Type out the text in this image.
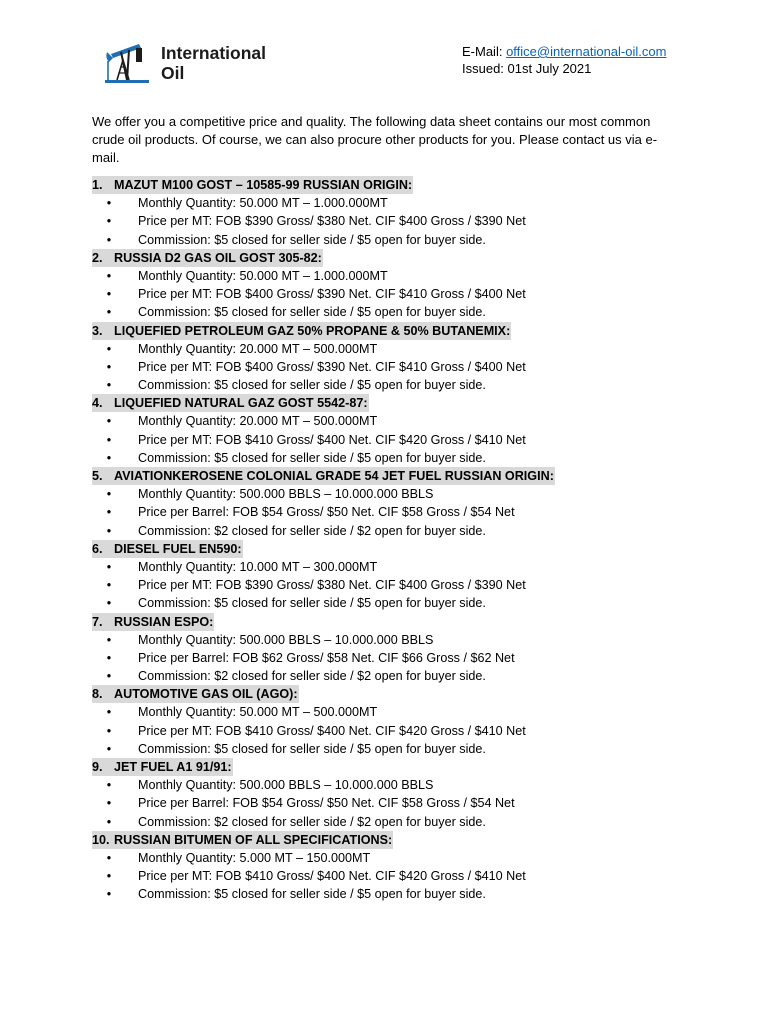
International
Oil
E-Mail: office@international-oil.com
Issued: 01st July 2021
We offer you a competitive price and quality. The following data sheet contains our most common crude oil products. Of course, we can also procure other products for you. Please contact us via e-mail.
1. MAZUT M100 GOST – 10585-99 RUSSIAN ORIGIN:
• Monthly Quantity: 50.000 MT – 1.000.000MT
• Price per MT: FOB $390 Gross/ $380 Net. CIF $400 Gross / $390 Net
• Commission: $5 closed for seller side / $5 open for buyer side.
2. RUSSIA D2 GAS OIL GOST 305-82:
• Monthly Quantity: 50.000 MT – 1.000.000MT
• Price per MT: FOB $400 Gross/ $390 Net. CIF $410 Gross / $400 Net
• Commission: $5 closed for seller side / $5 open for buyer side.
3. LIQUEFIED PETROLEUM GAZ 50% PROPANE & 50% BUTANEMIX:
• Monthly Quantity: 20.000 MT – 500.000MT
• Price per MT: FOB $400 Gross/ $390 Net. CIF $410 Gross / $400 Net
• Commission: $5 closed for seller side / $5 open for buyer side.
4. LIQUEFIED NATURAL GAZ GOST 5542-87:
• Monthly Quantity: 20.000 MT – 500.000MT
• Price per MT: FOB $410 Gross/ $400 Net. CIF $420 Gross / $410 Net
• Commission: $5 closed for seller side / $5 open for buyer side.
5. AVIATIONKEROSENE COLONIAL GRADE 54 JET FUEL RUSSIAN ORIGIN:
• Monthly Quantity: 500.000 BBLS – 10.000.000 BBLS
• Price per Barrel: FOB $54 Gross/ $50 Net. CIF $58 Gross / $54 Net
• Commission: $2 closed for seller side / $2 open for buyer side.
6. DIESEL FUEL EN590:
• Monthly Quantity: 10.000 MT – 300.000MT
• Price per MT: FOB $390 Gross/ $380 Net. CIF $400 Gross / $390 Net
• Commission: $5 closed for seller side / $5 open for buyer side.
7. RUSSIAN ESPO:
• Monthly Quantity: 500.000 BBLS – 10.000.000 BBLS
• Price per Barrel: FOB $62 Gross/ $58 Net. CIF $66 Gross / $62 Net
• Commission: $2 closed for seller side / $2 open for buyer side.
8. AUTOMOTIVE GAS OIL (AGO):
• Monthly Quantity: 50.000 MT – 500.000MT
• Price per MT: FOB $410 Gross/ $400 Net. CIF $420 Gross / $410 Net
• Commission: $5 closed for seller side / $5 open for buyer side.
9. JET FUEL A1 91/91:
• Monthly Quantity: 500.000 BBLS – 10.000.000 BBLS
• Price per Barrel: FOB $54 Gross/ $50 Net. CIF $58 Gross / $54 Net
• Commission: $2 closed for seller side / $2 open for buyer side.
10. RUSSIAN BITUMEN OF ALL SPECIFICATIONS:
• Monthly Quantity: 5.000 MT – 150.000MT
• Price per MT: FOB $410 Gross/ $400 Net. CIF $420 Gross / $410 Net
• Commission: $5 closed for seller side / $5 open for buyer side.
